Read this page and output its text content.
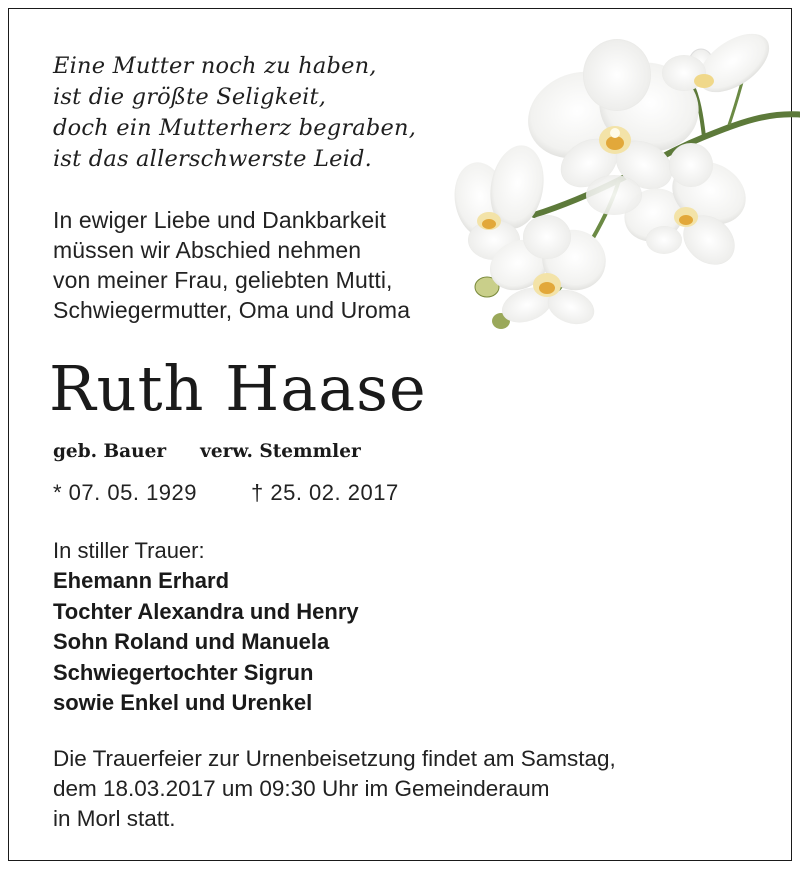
Eine Mutter noch zu haben,
ist die größte Seligkeit,
doch ein Mutterherz begraben,
ist das allerschwerste Leid.
In ewiger Liebe und Dankbarkeit
müssen wir Abschied nehmen
von meiner Frau, geliebten Mutti,
Schwiegermutter, Oma und Uroma
Ruth Haase
geb. Bauer verw. Stemmler
* 07. 05. 1929 † 25. 02. 2017
In stiller Trauer:
Ehemann Erhard
Tochter Alexandra und Henry
Sohn Roland und Manuela
Schwiegertochter Sigrun
sowie Enkel und Urenkel
Die Trauerfeier zur Urnenbeisetzung findet am Samstag,
dem 18.03.2017 um 09:30 Uhr im Gemeinderaum
in Morl statt.
